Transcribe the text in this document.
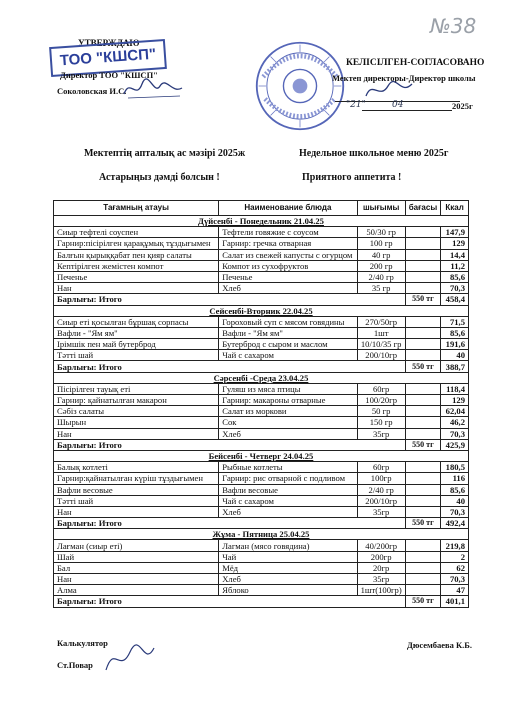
УТВЕРЖДАЮ
ТОО "КШСП"
Директор ТОО "КШСП"
Соколовская И.С.
№38
КЕЛІСІЛГЕН-СОГЛАСОВАНО
Мектеп директоры-Директор школы
"21"	04	2025г
Мектептің апталық ас мәзірі 2025ж	Недельное школьное меню 2025г
Астарыңыз дәмді болсын !	Приятного аппетита !
Тағамның атауы	Наименование блюда	шығымы	бағасы	Ккал
Дүйсенбі - Понедельник 21.04.25				
Сиыр тефтелі соуспен	Тефтели говяжие с соусом	50/30 гр		147,9
Гарнир:пісірілген қарақұмық тұздығымен	Гарнир: гречка отварная	100 гр		129
Балғын қырыққабат пен қияр салаты	Салат из свежей капусты с огурцом	40 гр		14,4
Кептірілген жемістен компот	Компот из сухофруктов	200 гр		11,2
Печенье	Печенье	2/40 гр		85,6
Нан	Хлеб	35 гр		70,3
Барлығы: Итого			550 тг	458,4
Сейсенбі-Вторник 22.04.25				
Сиыр еті қосылған бұршақ сорпасы	Гороховый суп с мясом говядины	270/50гр		71,5
Вафли - "Ям ям"	Вафли - "Ям ям"	1шт		85,6
Ірімшік пен май бутерброд	Бутерброд с сыром и маслом	10/10/35 гр		191,6
Тәтті шай	Чай с сахаром	200/10гр		40
Барлығы: Итого			550 тг	388,7
Сәрсенбі -Среда 23.04.25				
Пісірілген тауық еті	Гуляш из мяса птицы	60гр		118,4
Гарнир: қайнатылған макарон	Гарнир: макароны отварные	100/20гр		129
Сәбіз салаты	Салат из моркови	50 гр		62,04
Шырын	Сок	150 гр		46,2
Нан	Хлеб	35гр		70,3
Барлығы: Итого			550 тг	425,9
Бейсенбі - Четверг 24.04.25				
Балық котлеті	Рыбные котлеты	60гр		180,5
Гарнир:қайнатылған күріш тұздығымен	Гарнир: рис отварной с подливом	100гр		116
Вафли весовые	Вафли весовые	2/40 гр		85,6
Тәтті шай	Чай с сахаром	200/10гр		40
Нан	Хлеб	35гр		70,3
Барлығы: Итого			550 тг	492,4
Жұма - Пятница 25.04.25				
Лағман (сиыр еті)	Лагман (мясо говядина)	40/200гр		219,8
Шай	Чай	200гр		2
Бал	Мёд	20гр		62
Нан	Хлеб	35гр		70,3
Алма	Яблоко	1шт(100гр)		47
Барлығы: Итого			550 тг	401,1
Калькулятор	Дюсембаева К.Б.
Ст.Повар
